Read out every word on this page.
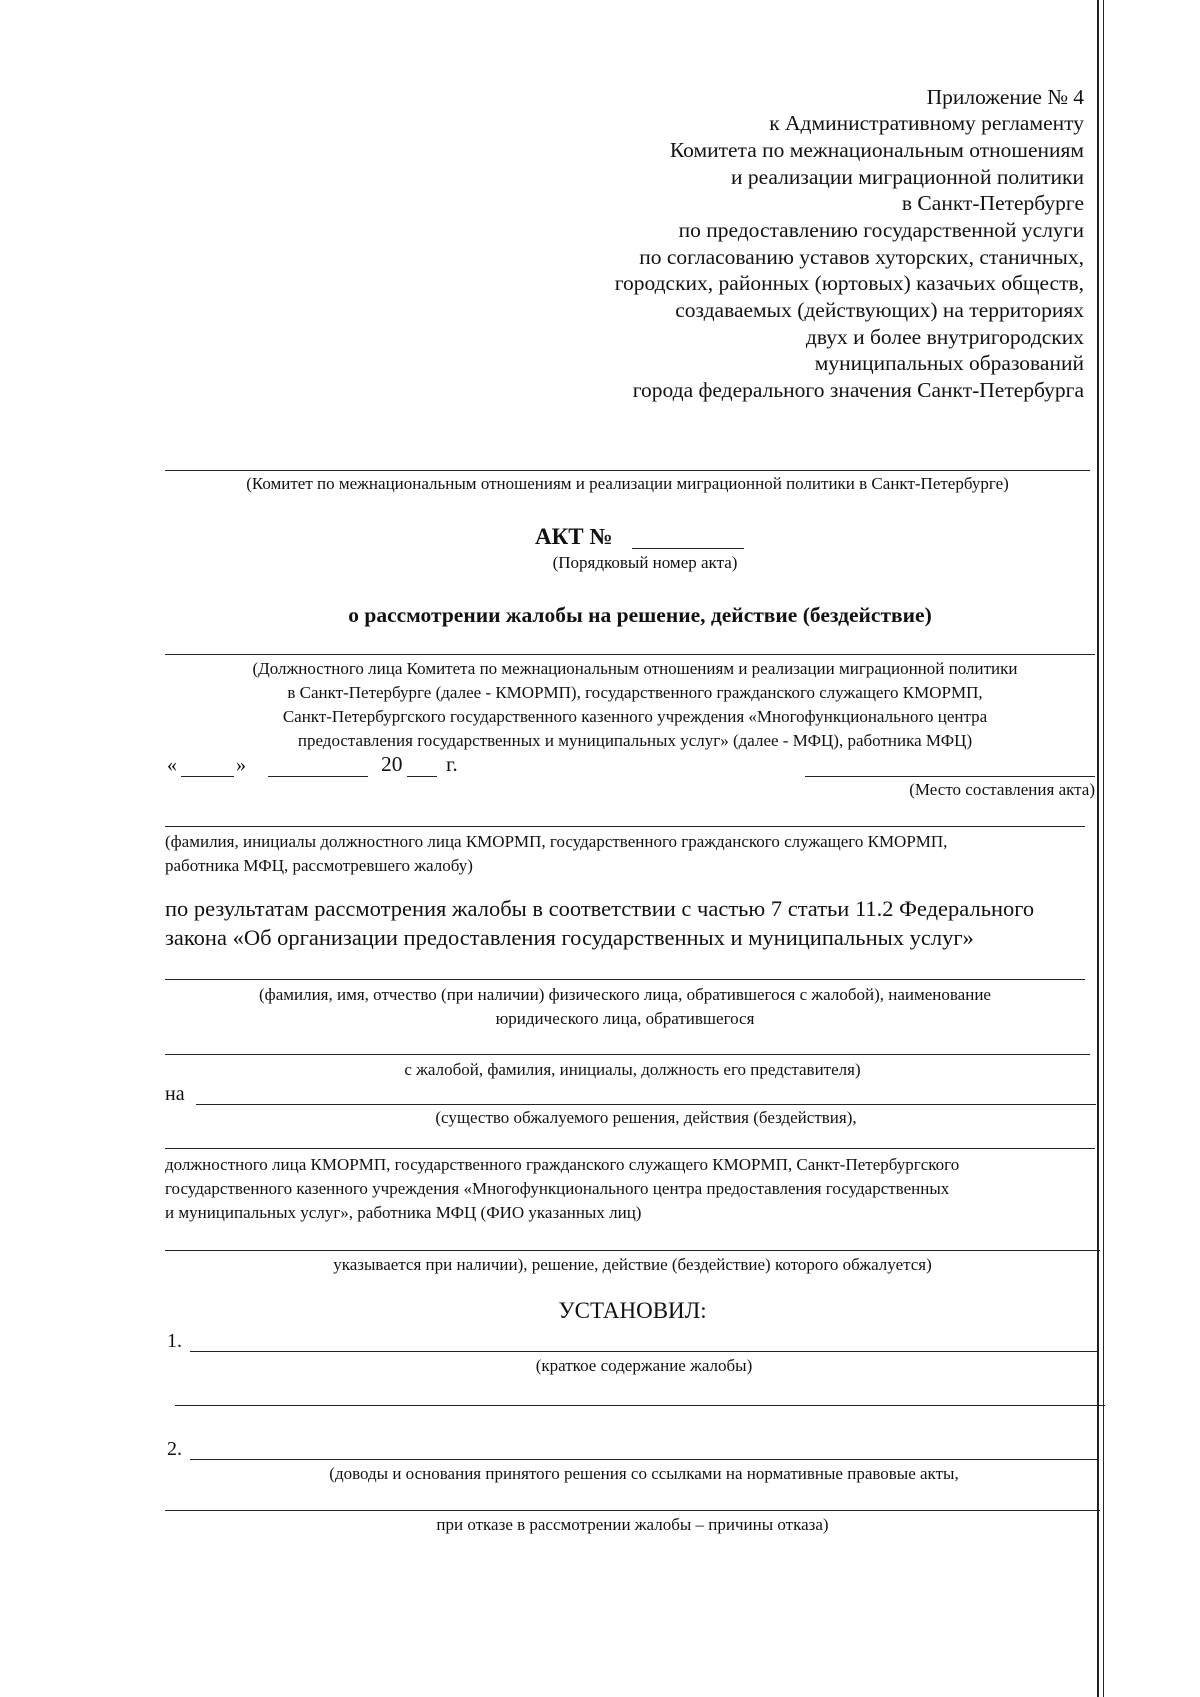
Приложение № 4
к Административному регламенту
Комитета по межнациональным отношениям
и реализации миграционной политики
в Санкт-Петербурге
по предоставлению государственной услуги
по согласованию уставов хуторских, станичных,
городских, районных (юртовых) казачьих обществ,
создаваемых (действующих) на территориях
двух и более внутригородских
муниципальных образований
города федерального значения Санкт-Петербурга
(Комитет по межнациональным отношениям и реализации миграционной политики в Санкт-Петербурге)
АКТ №
(Порядковый номер акта)
о рассмотрении жалобы на решение, действие (бездействие)
(Должностного лица Комитета по межнациональным отношениям и реализации миграционной политики
в Санкт-Петербурге (далее - КМОРМП), государственного гражданского служащего КМОРМП,
Санкт-Петербургского государственного казенного учреждения «Многофункционального центра
предоставления государственных и муниципальных услуг» (далее - МФЦ), работника МФЦ)
«	»	20 г.
(Место составления акта)
(фамилия, инициалы должностного лица КМОРМП, государственного гражданского служащего КМОРМП,
работника МФЦ, рассмотревшего жалобу)
по результатам рассмотрения жалобы в соответствии с частью 7 статьи 11.2 Федерального
закона «Об организации предоставления государственных и муниципальных услуг»
(фамилия, имя, отчество (при наличии) физического лица, обратившегося с жалобой), наименование
юридического лица, обратившегося
с жалобой, фамилия, инициалы, должность его представителя)
на
(существо обжалуемого решения, действия (бездействия),
должностного лица КМОРМП, государственного гражданского служащего КМОРМП, Санкт-Петербургского
государственного казенного учреждения «Многофункционального центра предоставления государственных
и муниципальных услуг», работника МФЦ (ФИО указанных лиц)
указывается при наличии), решение, действие (бездействие) которого обжалуется)
УСТАНОВИЛ:
1.
(краткое содержание жалобы)
2.
(доводы и основания принятого решения со ссылками на нормативные правовые акты,
при отказе в рассмотрении жалобы – причины отказа)
